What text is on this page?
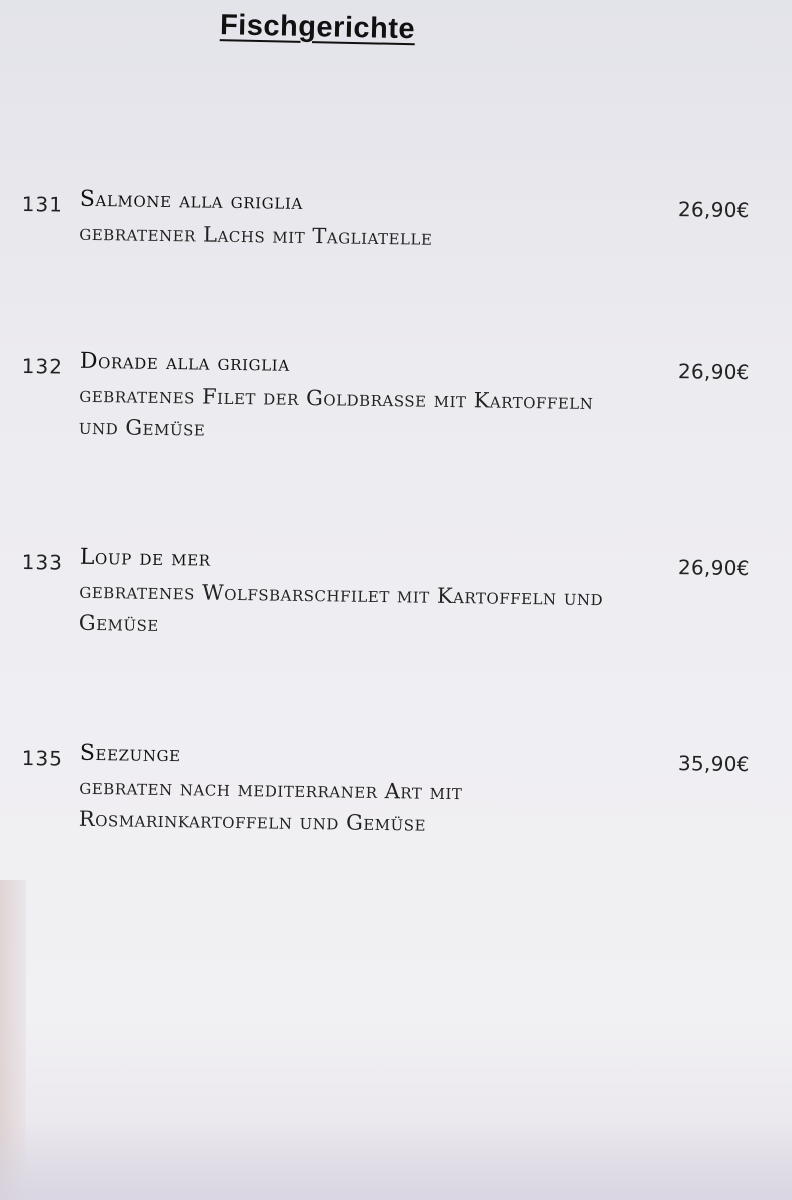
Fischgerichte
131 Salmone alla griglia
gebratener Lachs mit Tagliatelle
26,90€
132 Dorade alla griglia
gebratenes Filet der Goldbrasse mit Kartoffeln und Gemüse
26,90€
133 Loup de mer
gebratenes Wolfsbarschfilet mit Kartoffeln und Gemüse
26,90€
135 Seezunge
gebraten nach mediterraner Art mit Rosmarinkartoffeln und Gemüse
35,90€
